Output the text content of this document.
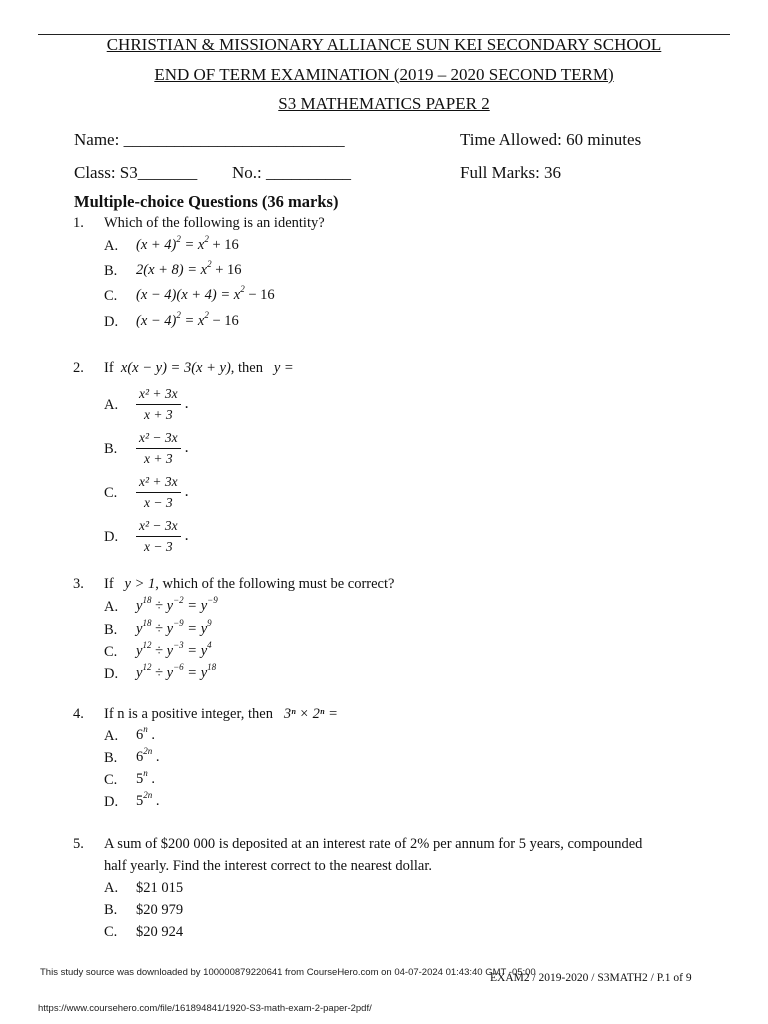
CHRISTIAN & MISSIONARY ALLIANCE SUN KEI SECONDARY SCHOOL
END OF TERM EXAMINATION (2019 – 2020 SECOND TERM)
S3 MATHEMATICS PAPER 2
Name: __________________________	Time Allowed: 60 minutes
Class: S3_______ No.: __________	Full Marks: 36
Multiple-choice Questions (36 marks)
1. Which of the following is an identity?
A.	$(x + 4)^2 = x^2 + 16$
B.	$2(x + 8) = x^2 + 16$
C.	$(x - 4)(x + 4) = x^2 - 16$
D.	$(x - 4)^2 = x^2 - 16$
2. If x(x − y) = 3(x + y), then y =
A.	$\frac{\text{x² + 3x}}{x + 3}$ .
B.	$\frac{\text{x² − 3x}}{x + 3}$ .
C.	$\frac{\text{x² + 3x}}{x - 3}$ .
D.	$\frac{\text{x² − 3x}}{x - 3}$ .
3. If y > 1, which of the following must be correct?
A.	$y^{18} \div y^{-2} = y^{-9}$
B.	$y^{18} \div y^{-9} = y^9$
C.	$y^{12} \div y^{-3} = y^4$
D.	$y^{12} \div y^{-6} = y^{18}$
4. If n is a positive integer, then 3ⁿ × 2ⁿ =
A.	6$^n$ .
B.	$6^{2n}$ .
C.	5$^n$ .
D.	$5^{2n}$ .
5. A sum of $200 000 is deposited at an interest rate of 2% per annum for 5 years, compounded
half yearly. Find the interest correct to the nearest dollar.
A.	$21 015
B.	$20 979
C.	$20 924
This study source was downloaded by 100000879220641 from CourseHero.com on 04-07-2024 01:43:40 GMT -05:00
EXAM2 / 2019-2020 / S3MATH2 / P.1 of 9
https://www.coursehero.com/file/161894841/1920-S3-math-exam-2-paper-2pdf/
